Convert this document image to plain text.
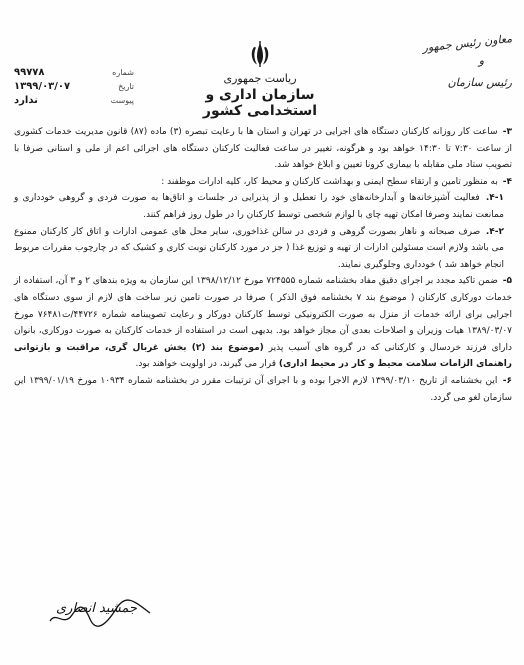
۹۹۷۷۸	شماره
۱۳۹۹/۰۳/۰۷	تاریخ
ندارد	پیوست
ریاست جمهوری
سازمان اداری و استخدامی کشور
معاون رئیس جمهور
و
رئیس سازمان

۳- ساعت کار روزانه کارکنان دستگاه های اجرایی در تهران و استان ها با رعایت تبصره (۳) ماده (۸۷) قانون مدیریت خدمات کشوری از ساعت ۷:۳۰ تا ۱۴:۳۰ خواهد بود و هرگونه، تغییر در ساعت فعالیت کارکنان دستگاه های اجرائی اعم از ملی و استانی صرفا با تصویب ستاد ملی مقابله با بیماری کرونا تعیین و ابلاغ خواهد شد.

۴- به منظور تامین و ارتقاء سطح ایمنی و بهداشت کارکنان و محیط کار، کلیه ادارات موظفند :

۴-۱. فعالیت آشپزخانه‌ها و آبدارخانه‌های خود را تعطیل و از پذیرایی در جلسات و اتاق‌ها به صورت فردی و گروهی خودداری و ممانعت نمایند وصرفا امکان تهیه چای با لوازم شخصی توسط کارکنان را در طول روز فراهم کنند.

۴-۲. صرف صبحانه و ناهار بصورت گروهی و فردی در سالن غذاخوری، سایر محل های عمومی ادارات و اتاق کار کارکنان ممنوع می باشد ولازم است مسئولین ادارات از تهیه و توزیع غذا ( جز در مورد کارکنان نوبت کاری و کشیک که در چارچوب مقررات مربوط انجام خواهد شد ) خودداری وجلوگیری نمایند.

۵- ضمن تاکید مجدد بر اجرای دقیق مفاد بخشنامه شماره ۷۲۴۵۵۵ مورخ ۱۳۹۸/۱۲/۱۲ این سازمان به ویژه بندهای ۲ و ۳ آن، استفاده از خدمات دورکاری کارکنان ( موضوع بند ۷ بخشنامه فوق الذکر ) صرفا در صورت تامین زیر ساخت های لازم از سوی دستگاه های اجرایی برای ارائه خدمات از منزل به صورت الکترونیکی توسط کارکنان دورکار و رعایت تصویبنامه شماره ۴۴۷۲۶/ت۷۶۴۸۱ مورخ ۱۳۸۹/۰۳/۰۷ هیات وزیران و اصلاحات بعدی آن مجاز خواهد بود. بدیهی است در استفاده از خدمات کارکنان به صورت دورکاری، بانوان دارای فرزند خردسال و کارکنانی که در گروه های آسیب پذیر (موضوع بند (۲) بخش غربال گری، مراقبت و بازتوانی راهنمای الزامات سلامت محیط و کار در محیط اداری) قرار می گیرند، در اولویت خواهند بود.

۶- این بخشنامه از تاریخ ۱۳۹۹/۰۳/۱۰ لازم الاجرا بوده و با اجرای آن ترتیبات مقرر در بخشنامه شماره ۱۰۹۳۴ مورخ ۱۳۹۹/۰۱/۱۹ این سازمان لغو می گردد.

جمشید انصاری
